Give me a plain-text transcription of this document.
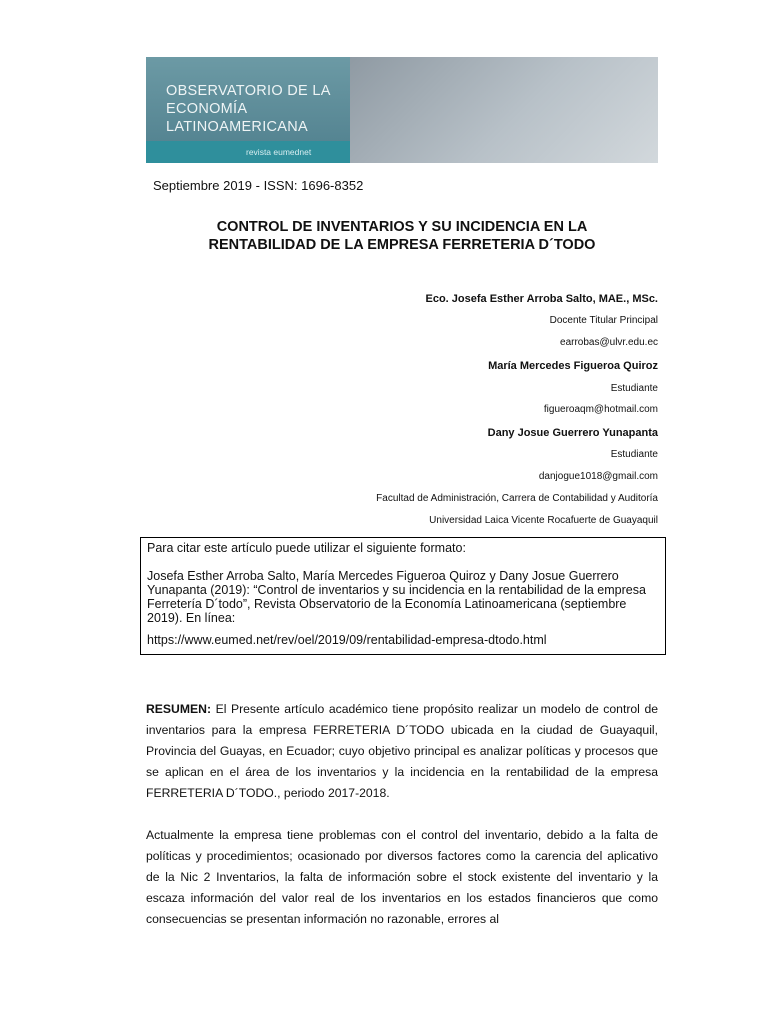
OBSERVATORIO DE LA
ECONOMÍA
LATINOAMERICANA
revista eumednet
Septiembre 2019 - ISSN: 1696-8352
CONTROL DE INVENTARIOS Y SU INCIDENCIA EN LA
RENTABILIDAD DE LA EMPRESA FERRETERIA D´TODO
Eco. Josefa Esther Arroba Salto, MAE., MSc.
Docente Titular Principal
earrobas@ulvr.edu.ec
María Mercedes Figueroa Quiroz
Estudiante
figueroaqm@hotmail.com
Dany Josue Guerrero Yunapanta
Estudiante
danjogue1018@gmail.com
Facultad de Administración, Carrera de Contabilidad y Auditoría
Universidad Laica Vicente Rocafuerte de Guayaquil

Para citar este artículo puede utilizar el siguiente formato:

Josefa Esther Arroba Salto, María Mercedes Figueroa Quiroz y Dany Josue Guerrero Yunapanta (2019): “Control de inventarios y su incidencia en la rentabilidad de la empresa Ferretería D´todo”, Revista Observatorio de la Economía Latinoamericana (septiembre 2019). En línea:

https://www.eumed.net/rev/oel/2019/09/rentabilidad-empresa-dtodo.html

RESUMEN: El Presente artículo académico tiene propósito realizar un modelo de control de inventarios para la empresa FERRETERIA D´TODO ubicada en la ciudad de Guayaquil, Provincia del Guayas, en Ecuador; cuyo objetivo principal es analizar políticas y procesos que se aplican en el área de los inventarios y la incidencia en la rentabilidad de la empresa FERRETERIA D´TODO., periodo 2017-2018.

Actualmente la empresa tiene problemas con el control del inventario, debido a la falta de políticas y procedimientos; ocasionado por diversos factores como la carencia del aplicativo de la Nic 2 Inventarios, la falta de información sobre el stock existente del inventario y la escaza información del valor real de los inventarios en los estados financieros que como consecuencias se presentan información no razonable, errores al
